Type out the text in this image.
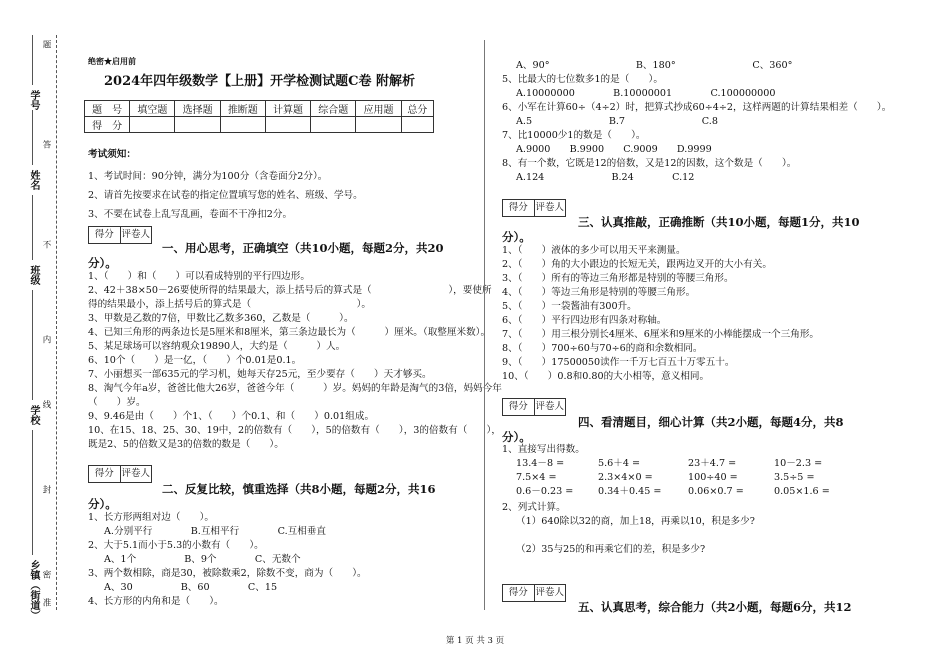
题
答
不
内
线
封
密
准
学号
姓名
班级
学校
乡镇（街道）
绝密★启用前
2024年四年级数学【上册】开学检测试题C卷 附解析
题　号	填空题	选择题	推断题	计算题	综合题	应用题	总分
得　分							
考试须知：
1、考试时间：90分钟，满分为100分（含卷面分2分）。
2、请首先按要求在试卷的指定位置填写您的姓名、班级、学号。
3、不要在试卷上乱写乱画，卷面不干净扣2分。
得分 评卷人
一、用心思考，正确填空（共10小题，每题2分，共20
分）。
1、（　　）和（　　）可以看成特别的平行四边形。
2、42＋38×50－26要使所得的结果最大，添上括号后的算式是（　　　　　　　　），要使所
得的结果最小，添上括号后的算式是（　　　　　　　　　　　）。
3、甲数是乙数的7倍，甲数比乙数多360，乙数是（　　　）。
4、已知三角形的两条边长是5厘米和8厘米，第三条边最长为（　　　）厘米。（取整厘米数）。
5、某足球场可以容纳观众19890人，大约是（　　　）人。
6、10个（　　）是一亿，（　　）个0.01是0.1。
7、小丽想买一部635元的学习机，她每天存25元，至少要存（　　）天才够买。
8、淘气今年a岁，爸爸比他大26岁，爸爸今年（　　　）岁。妈妈的年龄是淘气的3倍，妈妈今年
（　　）岁。
9、9.46是由（　　）个1、（　　）个0.1、和（　　）0.01组成。
10、在15、18、25、30、19中，2的倍数有（　　），5的倍数有（　　），3的倍数有（　　），
既是2、5的倍数又是3的倍数的数是（　　）。
得分 评卷人
二、反复比较，慎重选择（共8小题，每题2分，共16
分）。
1、长方形两组对边（　　）。
A.分别平行　　　　B.互相平行　　　　C.互相垂直
2、大于5.1而小于5.3的小数有（　　）。
A、1个　　　　　B、9个　　　　C、无数个
3、两个数相除，商是30，被除数乘2，除数不变，商为（　　）。
A、30　　　　　B、60　　　　C、15
4、长方形的内角和是（　　）。
A、90°　　　　　　　　　B、180°　　　　　　　　C、360°
5、比最大的七位数多1的是（　　）。
A.10000000　　　　B.10000001　　　　C.100000000
6、小军在计算60÷（4÷2）时，把算式抄成60÷4÷2，这样两题的计算结果相差（　　）。
A.5　　　　　　　　B.7　　　　　　　　C.8
7、比10000少1的数是（　　）。
A.9000　　B.9900　　C.9009　　D.9999
8、有一个数，它既是12的倍数，又是12的因数，这个数是（　　）。
A.124　　　　　　　B.24　　　　C.12
得分 评卷人
三、认真推敲，正确推断（共10小题，每题1分，共10
分）。
1、（　　）液体的多少可以用天平来测量。
2、（　　）角的大小跟边的长短无关，跟两边叉开的大小有关。
3、（　　）所有的等边三角形都是特别的等腰三角形。
4、（　　）等边三角形是特别的等腰三角形。
5、（　　）一袋酱油有300升。
6、（　　）平行四边形有四条对称轴。
7、（　　）用三根分别长4厘米、6厘米和9厘米的小棒能摆成一个三角形。
8、（　　）700÷60与70÷6的商和余数相同。
9、（　　）17500050读作一千万七百五十万零五十。
10、（　　）0.8和0.80的大小相等，意义相同。
得分 评卷人
四、看清题目，细心计算（共2小题，每题4分，共8
分）。
1、直接写出得数。
13.4－8 =	5.6＋4 =	23＋4.7 =	10－2.3 =
7.5×4 =	2.3×4×0 =	100÷40 =	3.5÷5 =
0.6－0.23 =	0.34＋0.45 =	0.06×0.7 =	0.05×1.6 =
2、列式计算。
（1）640除以32的商，加上18，再乘以10，积是多少?
（2）35与25的和再乘它们的差，积是多少?
得分 评卷人
五、认真思考，综合能力（共2小题，每题6分，共12
第 1 页 共 3 页
